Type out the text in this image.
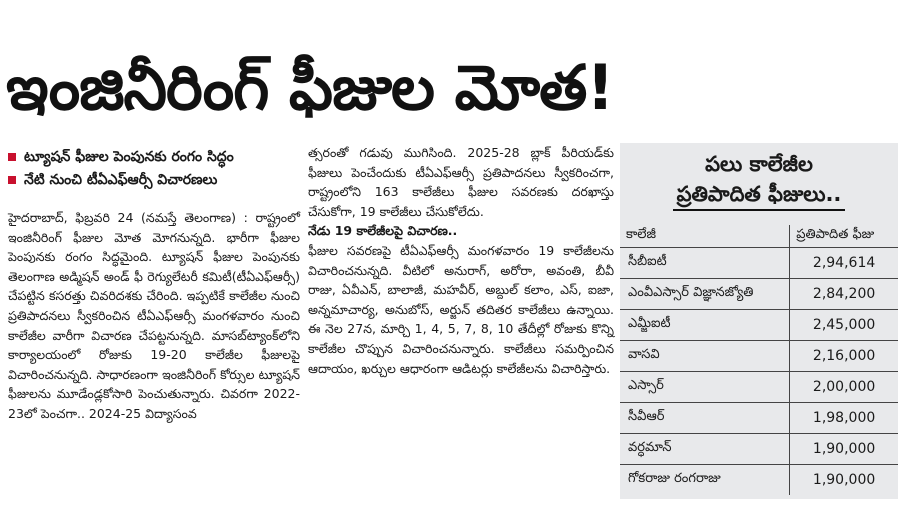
ఇంజినీరింగ్ ఫీజుల మోత!
ట్యూషన్ ఫీజుల పెంపునకు రంగం సిద్ధం
నేటి నుంచి టీఏఎఫ్‌ఆర్సీ విచారణలు

హైదరాబాద్, ఫిబ్రవరి 24 (నమస్తే తెలంగాణ) : రాష్ట్రంలో ఇంజినీరింగ్ ఫీజుల మోత మోగనున్నది. భారీగా ఫీజుల పెంపునకు రంగం సిద్ధమైంది. ట్యూషన్ ఫీజుల పెంపునకు తెలంగాణ అడ్మిషన్ అండ్ ఫీ రెగ్యులేటరీ కమిటీ(టీఏఎఫ్‌ఆర్సీ) చేపట్టిన కసరత్తు చివరిదశకు చేరింది. ఇప్పటికే కాలేజీల నుంచి ప్రతిపాదనలు స్వీకరించిన టీఏఎఫ్‌ఆర్సీ మంగళవారం నుంచి కాలేజీల వారీగా విచారణ చేపట్టనున్నది. మాసబ్‌ట్యాంక్‌లోని కార్యాలయంలో రోజుకు 19-20 కాలేజీల ఫీజులపై విచారించనున్నది. సాధారణంగా ఇంజినీరింగ్ కోర్సుల ట్యూషన్ ఫీజులను మూడేండ్లకోసారి పెంచుతున్నారు. చివరగా 2022-23లో పెంచగా.. 2024-25 విద్యాసంవ

త్సరంతో గడువు ముగిసింది. 2025-28 బ్లాక్ పీరియడ్‌కు ఫీజులు పెంచేందుకు టీఏఎఫ్‌ఆర్సీ ప్రతిపాదనలు స్వీకరించగా, రాష్ట్రంలోని 163 కాలేజీలు ఫీజుల సవరణకు దరఖాస్తు చేసుకోగా, 19 కాలేజీలు చేసుకోలేదు.

నేడు 19 కాలేజీలపై విచారణ..

ఫీజుల సవరణపై టీఏఎఫ్‌ఆర్సీ మంగళవారం 19 కాలేజీలను విచారించనున్నది. వీటిలో అనురాగ్, అరోరా, అవంతి, బీవీ రాజు, ఏవీఎన్, బాలాజీ, మహవీర్, అబ్దుల్ కలాం, ఎస్, ఐజా, అన్నమాచార్య, అనుబోస్, అర్జున్ తదితర కాలేజీలు ఉన్నాయి. ఈ నెల 27న, మార్చి 1, 4, 5, 7, 8, 10 తేదీల్లో రోజుకు కొన్ని కాలేజీల చొప్పున విచారించనున్నారు. కాలేజీలు సమర్పించిన ఆదాయం, ఖర్చుల ఆధారంగా ఆడిటర్లు కాలేజీలను విచారిస్తారు.

పలు కాలేజీల
ప్రతిపాదిత ఫీజులు..
కాలేజీ	ప్రతిపాదిత ఫీజు
సీబీఐటీ	2,94,614
ఎంవీఎస్సార్ విజ్ఞానజ్యోతి	2,84,200
ఎమ్జీఐటీ	2,45,000
వాసవి	2,16,000
ఎస్సార్	2,00,000
సీవీఆర్	1,98,000
వర్ధమాన్	1,90,000
గోకరాజు రంగరాజు	1,90,000
